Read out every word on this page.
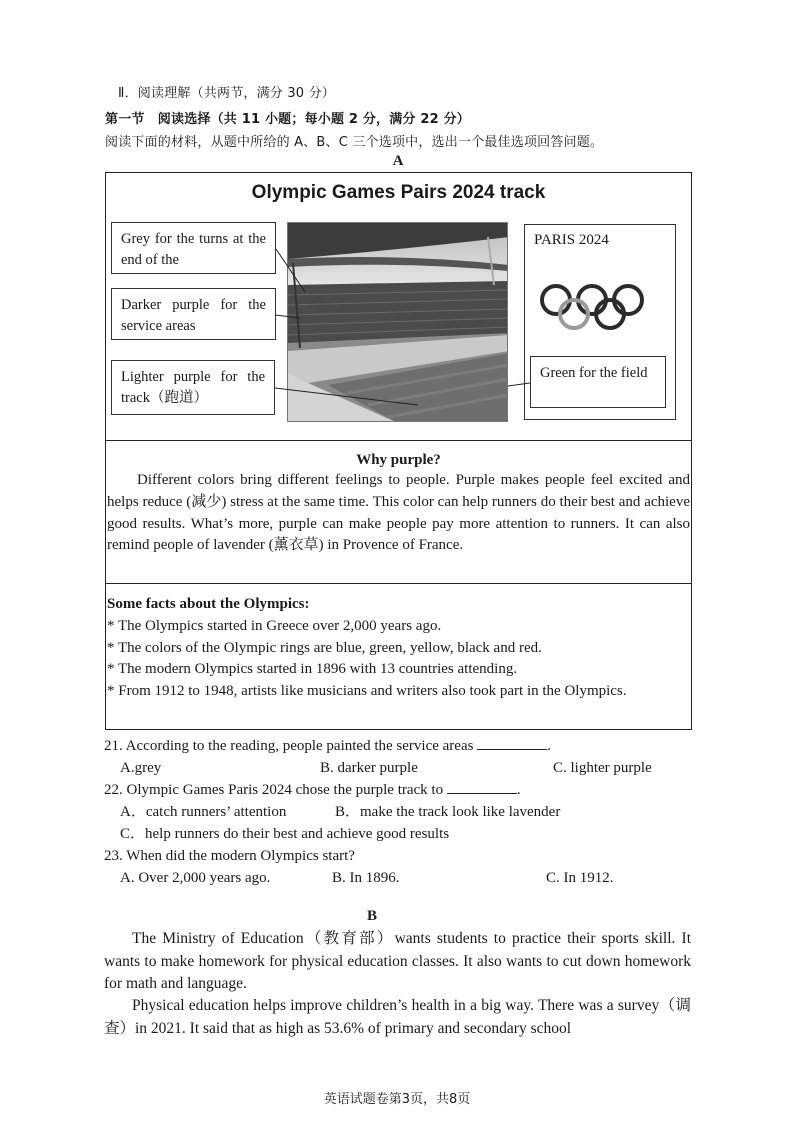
Ⅱ．阅读理解（共两节，满分 30 分）
第一节　阅读选择（共 11 小题；每小题 2 分，满分 22 分）
阅读下面的材料，从题中所给的 A、B、C 三个选项中，选出一个最佳选项回答问题。
A
Olympic Games Pairs 2024 track
Grey for the turns at the end of the
Darker purple for the service areas
Lighter purple for the track（跑道）
PARIS 2024
Green for the field
Why purple?
Different colors bring different feelings to people. Purple makes people feel excited and helps reduce (减少) stress at the same time. This color can help runners do their best and achieve good results. What’s more, purple can make people pay more attention to runners. It can also remind people of lavender (薰衣草) in Provence of France.
Some facts about the Olympics:
* The Olympics started in Greece over 2,000 years ago.
* The colors of the Olympic rings are blue, green, yellow, black and red.
* The modern Olympics started in 1896 with 13 countries attending.
* From 1912 to 1948, artists like musicians and writers also took part in the Olympics.
21. According to the reading, people painted the service areas	.
A.grey	B. darker purple	C. lighter purple
22. Olympic Games Paris 2024 chose the purple track to	.
A．catch runners’ attention	B．make the track look like lavender
C．help runners do their best and achieve good results
23. When did the modern Olympics start?
A. Over 2,000 years ago.	B. In 1896.	C. In 1912.
B
The Ministry of Education（教育部）wants students to practice their sports skill. It wants to make homework for physical education classes. It also wants to cut down homework for math and language.
Physical education helps improve children’s health in a big way. There was a survey（调查）in 2021. It said that as high as 53.6% of primary and secondary school
英语试题卷第3页，共8页
